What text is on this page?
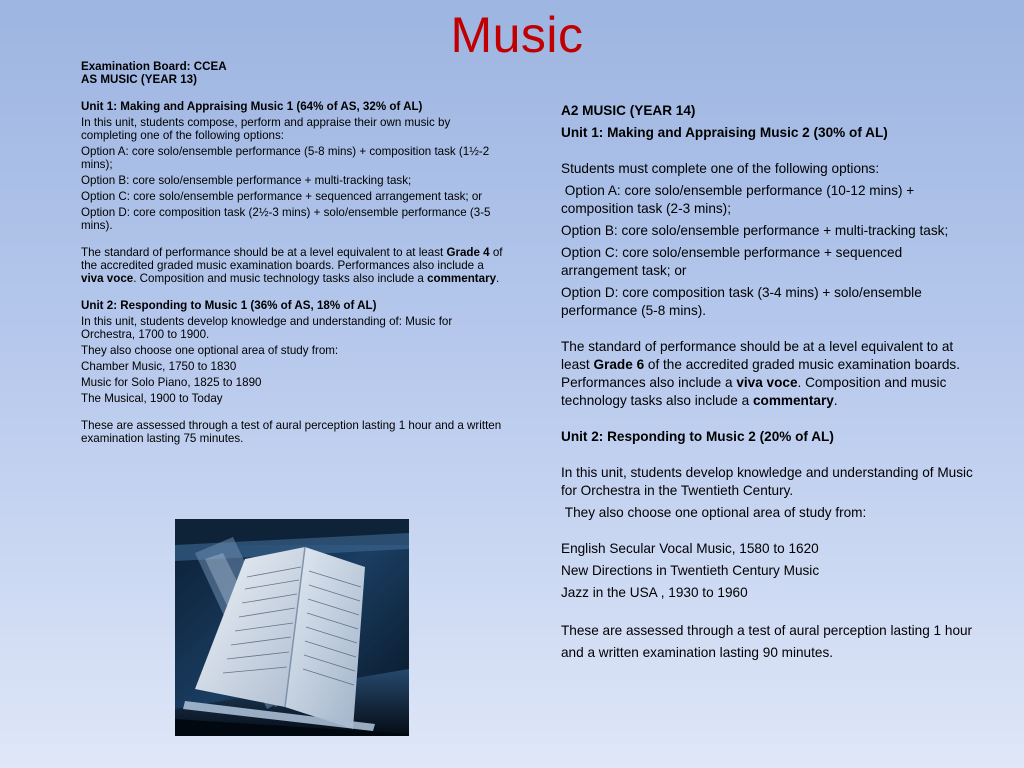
Music

Examination Board: CCEA

AS MUSIC (YEAR 13)

Unit 1: Making and Appraising Music 1 (64% of AS, 32% of AL)

In this unit, students compose, perform and appraise their own music by completing one of the following options:

Option A: core solo/ensemble performance (5-8 mins) + composition task (1½-2 mins);

Option B: core solo/ensemble performance + multi-tracking task;

Option C: core solo/ensemble performance + sequenced arrangement task; or

Option D: core composition task (2½-3 mins) + solo/ensemble performance (3-5 mins).

The standard of performance should be at a level equivalent to at least Grade 4 of the accredited graded music examination boards. Performances also include a viva voce. Composition and music technology tasks also include a commentary.

Unit 2: Responding to Music 1 (36% of AS, 18% of AL)

In this unit, students develop knowledge and understanding of: Music for Orchestra, 1700 to 1900.

They also choose one optional area of study from:

Chamber Music, 1750 to 1830

Music for Solo Piano, 1825 to 1890

The Musical, 1900 to Today

These are assessed through a test of aural perception lasting 1 hour and a written examination lasting 75 minutes.

A2 MUSIC (YEAR 14)

Unit 1: Making and Appraising Music 2 (30% of AL)

Students must complete one of the following options:

Option A: core solo/ensemble performance (10-12 mins) + composition task (2-3 mins);

Option B: core solo/ensemble performance + multi-tracking task;

Option C: core solo/ensemble performance + sequenced arrangement task; or

Option D: core composition task (3-4 mins) + solo/ensemble performance (5-8 mins).

The standard of performance should be at a level equivalent to at least Grade 6 of the accredited graded music examination boards. Performances also include a viva voce. Composition and music technology tasks also include a commentary.

Unit 2: Responding to Music 2 (20% of AL)

In this unit, students develop knowledge and understanding of Music for Orchestra in the Twentieth Century.

They also choose one optional area of study from:

English Secular Vocal Music, 1580 to 1620

New Directions in Twentieth Century Music

Jazz in the USA , 1930 to 1960

These are assessed through a test of aural perception lasting 1 hour and a written examination lasting 90 minutes.
